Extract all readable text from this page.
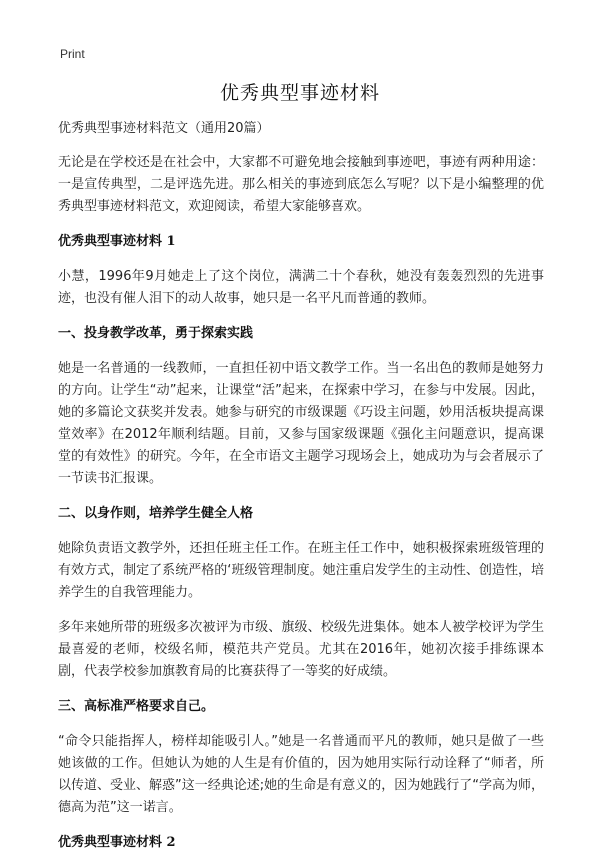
Print
优秀典型事迹材料

优秀典型事迹材料范文（通用20篇）

无论是在学校还是在社会中，大家都不可避免地会接触到事迹吧，事迹有两种用途：一是宣传典型，二是评选先进。那么相关的事迹到底怎么写呢？以下是小编整理的优秀典型事迹材料范文，欢迎阅读，希望大家能够喜欢。

优秀典型事迹材料 1

小慧，1996年9月她走上了这个岗位，满满二十个春秋，她没有轰轰烈烈的先进事迹，也没有催人泪下的动人故事，她只是一名平凡而普通的教师。

一、投身教学改革，勇于探索实践

她是一名普通的一线教师，一直担任初中语文教学工作。当一名出色的教师是她努力的方向。让学生“动”起来，让课堂“活”起来，在探索中学习，在参与中发展。因此，她的多篇论文获奖并发表。她参与研究的市级课题《巧设主问题，妙用活板块提高课堂效率》在2012年顺利结题。目前，又参与国家级课题《强化主问题意识，提高课堂的有效性》的研究。今年，在全市语文主题学习现场会上，她成功为与会者展示了一节读书汇报课。

二、以身作则，培养学生健全人格

她除负责语文教学外，还担任班主任工作。在班主任工作中，她积极探索班级管理的有效方式，制定了系统严格的‘班级管理制度。她注重启发学生的主动性、创造性，培养学生的自我管理能力。

多年来她所带的班级多次被评为市级、旗级、校级先进集体。她本人被学校评为学生最喜爱的老师，校级名师，模范共产党员。尤其在2016年，她初次接手排练课本剧，代表学校参加旗教育局的比赛获得了一等奖的好成绩。

三、高标准严格要求自己。

“命令只能指挥人，榜样却能吸引人。”她是一名普通而平凡的教师，她只是做了一些她该做的工作。但她认为她的人生是有价值的，因为她用实际行动诠释了“师者，所以传道、受业、解惑”这一经典论述;她的生命是有意义的，因为她践行了“学高为师，德高为范”这一诺言。

优秀典型事迹材料 2
